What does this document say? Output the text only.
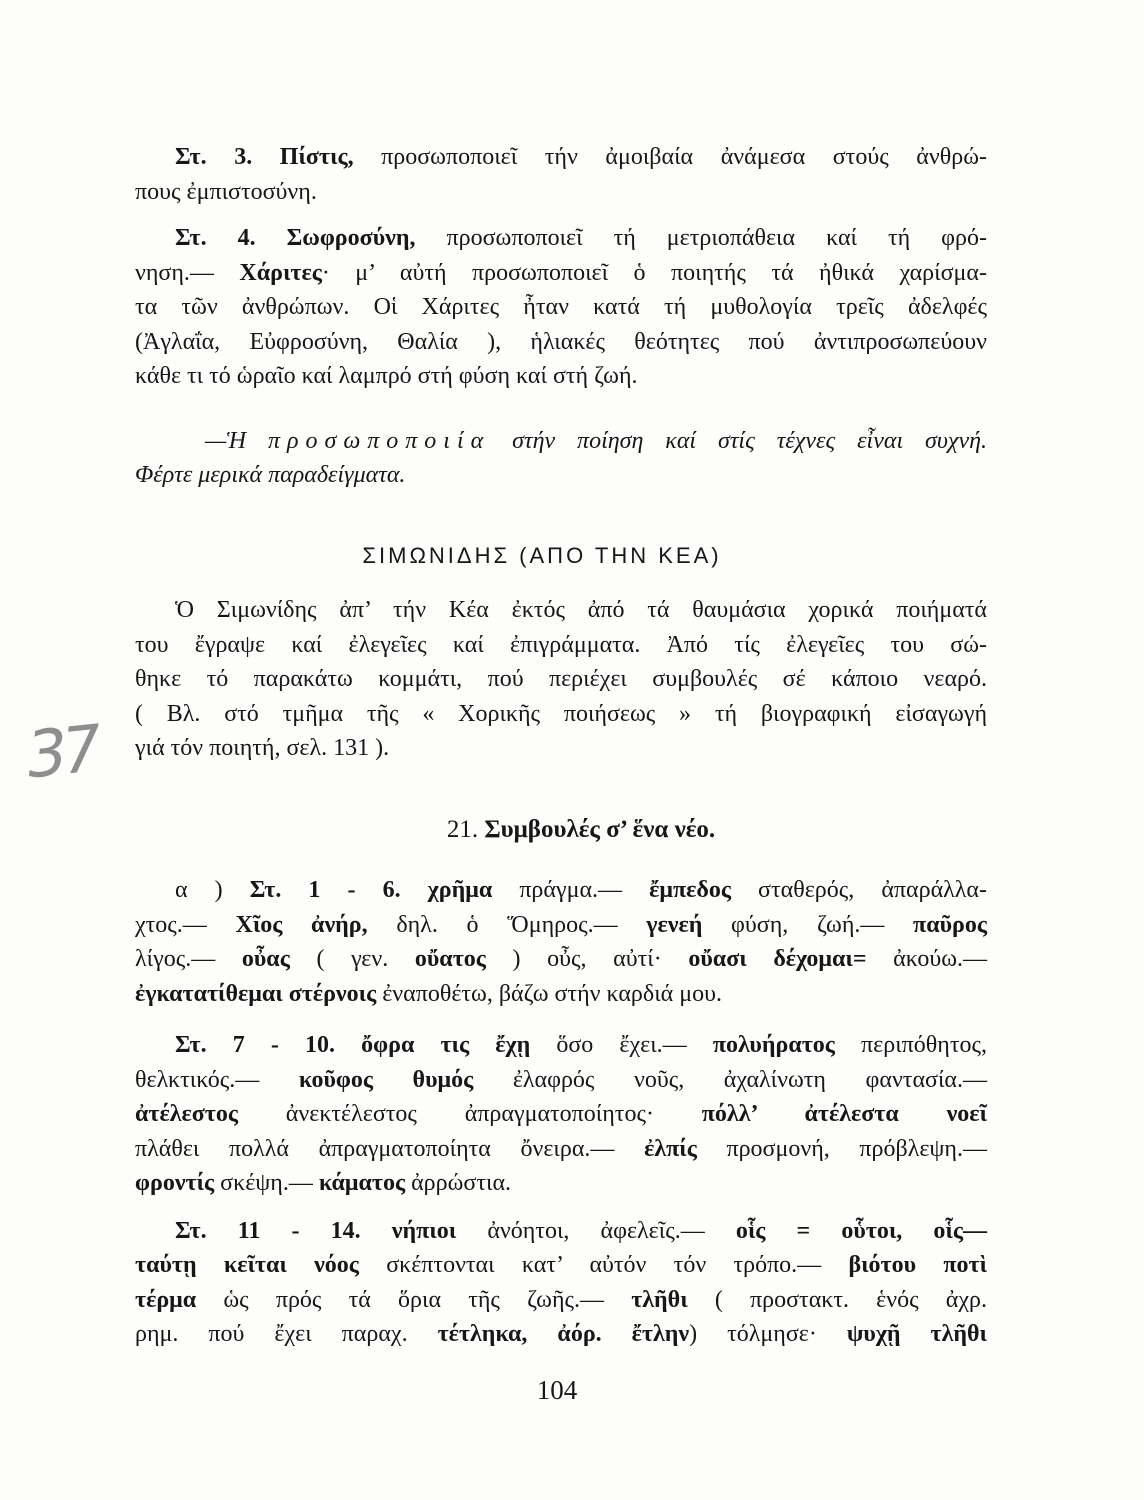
37
Στ. 3. Πίστις, προσωποποιεῖ τήν ἀμοιβαία ἀνάμεσα στούς ἀνθρώ-
πους ἐμπιστοσύνη.
Στ. 4. Σωφροσύνη, προσωποποιεῖ τή μετριοπάθεια καί τή φρό-
νηση.— Χάριτες· μ’ αὐτή προσωποποιεῖ ὁ ποιητής τά ἠθικά χαρίσμα-
τα τῶν ἀνθρώπων. Οἱ Χάριτες ἦταν κατά τή μυθολογία τρεῖς ἀδελφές
(Ἀγλαΐα, Εὐφροσύνη, Θαλία ), ἡλιακές θεότητες πού ἀντιπροσωπεύουν
κάθε τι τό ὡραῖο καί λαμπρό στή φύση καί στή ζωή.
—Ἡ προσωποποιία στήν ποίηση καί στίς τέχνες εἶναι συχνή.
Φέρτε μερικά παραδείγματα.
ΣΙΜΩΝΙΔΗΣ (ΑΠΟ ΤΗΝ ΚΕΑ)
Ὁ Σιμωνίδης ἀπ’ τήν Κέα ἐκτός ἀπό τά θαυμάσια χορικά ποιήματά
του ἔγραψε καί ἐλεγεῖες καί ἐπιγράμματα. Ἀπό τίς ἐλεγεῖες του σώ-
θηκε τό παρακάτω κομμάτι, πού περιέχει συμβουλές σέ κάποιο νεαρό.
( Βλ. στό τμῆμα τῆς « Χορικῆς ποιήσεως » τή βιογραφική εἰσαγωγή
γιά τόν ποιητή, σελ. 131 ).
21. Συμβουλές σ’ ἕνα νέο.
α ) Στ. 1 - 6. χρῆμα πράγμα.— ἔμπεδος σταθερός, ἀπαράλλα-
χτος.— Χῖος ἀνήρ, δηλ. ὁ Ὅμηρος.— γενεή φύση, ζωή.— παῦρος
λίγος.— οὖας ( γεν. οὔατος ) οὖς, αὐτί· οὔασι δέχομαι= ἀκούω.—
ἐγκατατίθεμαι στέρνοις ἐναποθέτω, βάζω στήν καρδιά μου.
Στ. 7 - 10. ὄφρα τις ἔχῃ ὅσο ἔχει.— πολυήρατος περιπόθητος,
θελκτικός.— κοῦφος θυμός ἐλαφρός νοῦς, ἀχαλίνωτη φαντασία.—
ἀτέλεστος ἀνεκτέλεστος ἀπραγματοποίητος· πόλλ’ ἀτέλεστα νοεῖ
πλάθει πολλά ἀπραγματοποίητα ὄνειρα.— ἐλπίς προσμονή, πρόβλεψη.—
φροντίς σκέψη.— κάματος ἀρρώστια.
Στ. 11 - 14. νήπιοι ἀνόητοι, ἀφελεῖς.— οἷς = οὗτοι, οἷς—
ταύτῃ κεῖται νόος σκέπτονται κατ’ αὐτόν τόν τρόπο.— βιότου ποτὶ
τέρμα ὡς πρός τά ὅρια τῆς ζωῆς.— τλῆθι ( προστακτ. ἑνός ἀχρ.
ρημ. πού ἔχει παραχ. τέτληκα, ἀόρ. ἔτλην) τόλμησε· ψυχῇ τλῆθι
104
